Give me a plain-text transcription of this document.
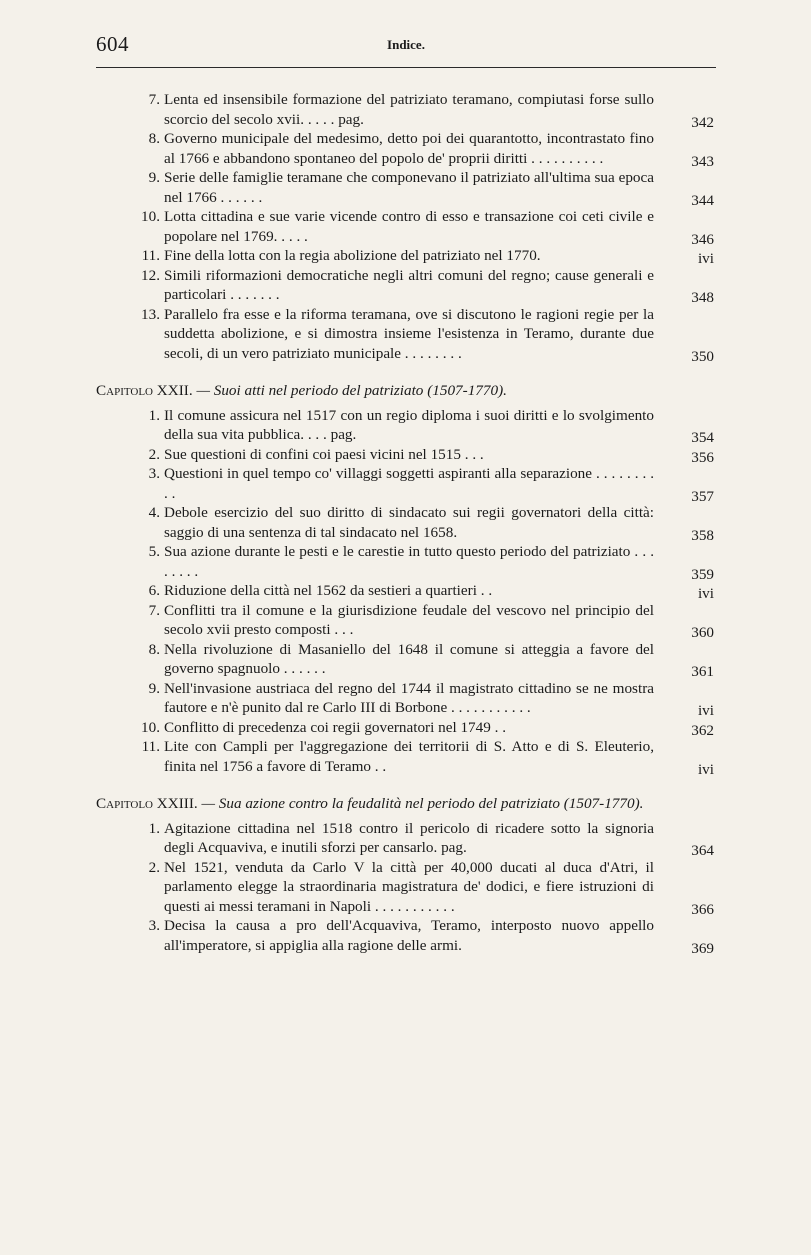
604	Indice.
7. Lenta ed insensibile formazione del patriziato teramano, compiutasi forse sullo scorcio del secolo xvii. . . . . pag.	342
8. Governo municipale del medesimo, detto poi dei quarantotto, incontrastato fino al 1766 e abbandono spontaneo del popolo de' proprii diritti . . . . . . . . . .	343
9. Serie delle famiglie teramane che componevano il patriziato all'ultima sua epoca nel 1766 . . . . . .	344
10. Lotta cittadina e sue varie vicende contro di esso e transazione coi ceti civile e popolare nel 1769. . . . .	346
11. Fine della lotta con la regia abolizione del patriziato nel 1770.	ivi
12. Simili riformazioni democratiche negli altri comuni del regno; cause generali e particolari . . . . . . .	348
13. Parallelo fra esse e la riforma teramana, ove si discutono le ragioni regie per la suddetta abolizione, e si dimostra insieme l'esistenza in Teramo, durante due secoli, di un vero patriziato municipale . . . . . . . .	350
Capitolo XXII. — Suoi atti nel periodo del patriziato (1507-1770).
1. Il comune assicura nel 1517 con un regio diploma i suoi diritti e lo svolgimento della sua vita pubblica. . . . pag.	354
2. Sue questioni di confini coi paesi vicini nel 1515 . . .	356
3. Questioni in quel tempo co' villaggi soggetti aspiranti alla separazione . . . . . . . . . .	357
4. Debole esercizio del suo diritto di sindacato sui regii governatori della città: saggio di una sentenza di tal sindacato nel 1658.	358
5. Sua azione durante le pesti e le carestie in tutto questo periodo del patriziato . . . . . . . .	359
6. Riduzione della città nel 1562 da sestieri a quartieri . .	ivi
7. Conflitti tra il comune e la giurisdizione feudale del vescovo nel principio del secolo xvii presto composti . . .	360
8. Nella rivoluzione di Masaniello del 1648 il comune si atteggia a favore del governo spagnuolo . . . . . .	361
9. Nell'invasione austriaca del regno del 1744 il magistrato cittadino se ne mostra fautore e n'è punito dal re Carlo III di Borbone . . . . . . . . . . .	ivi
10. Conflitto di precedenza coi regii governatori nel 1749 . .	362
11. Lite con Campli per l'aggregazione dei territorii di S. Atto e di S. Eleuterio, finita nel 1756 a favore di Teramo . .	ivi
Capitolo XXIII. — Sua azione contro la feudalità nel periodo del patriziato (1507-1770).
1. Agitazione cittadina nel 1518 contro il pericolo di ricadere sotto la signoria degli Acquaviva, e inutili sforzi per cansarlo. pag.	364
2. Nel 1521, venduta da Carlo V la città per 40,000 ducati al duca d'Atri, il parlamento elegge la straordinaria magistratura de' dodici, e fiere istruzioni di questi ai messi teramani in Napoli . . . . . . . . . . .	366
3. Decisa la causa a pro dell'Acquaviva, Teramo, interposto nuovo appello all'imperatore, si appiglia alla ragione delle armi.	369
